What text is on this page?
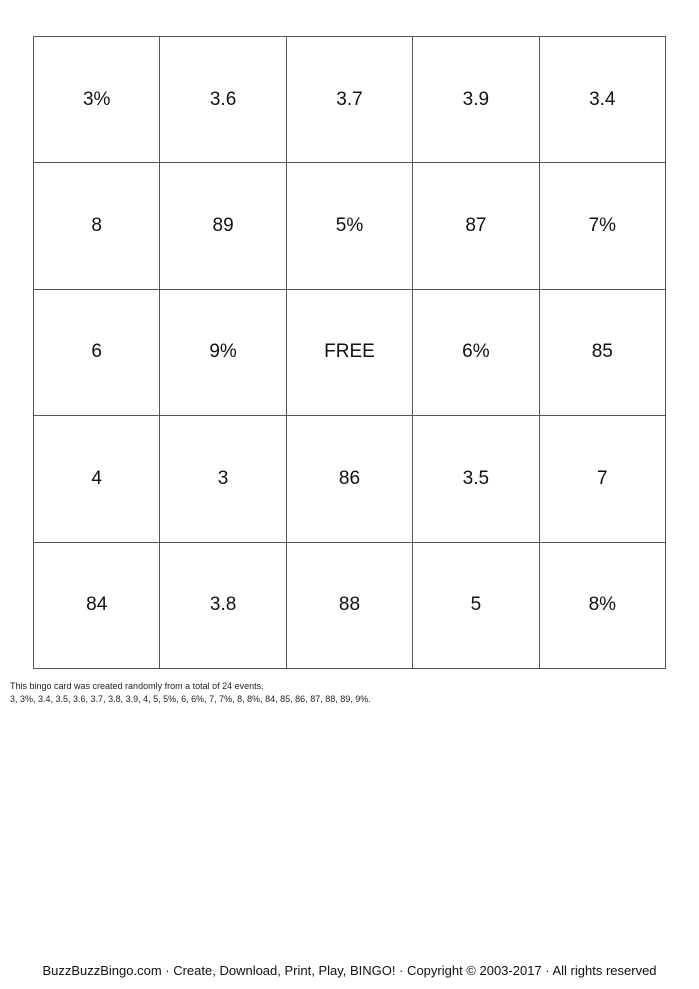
3%	3.6	3.7	3.9	3.4
8	89	5%	87	7%
6	9%	FREE	6%	85
4	3	86	3.5	7
84	3.8	88	5	8%
This bingo card was created randomly from a total of 24 events.
3, 3%, 3.4, 3.5, 3.6, 3.7, 3.8, 3.9, 4, 5, 5%, 6, 6%, 7, 7%, 8, 8%, 84, 85, 86, 87, 88, 89, 9%.
BuzzBuzzBingo.com · Create, Download, Print, Play, BINGO! · Copyright © 2003-2017 · All rights reserved
